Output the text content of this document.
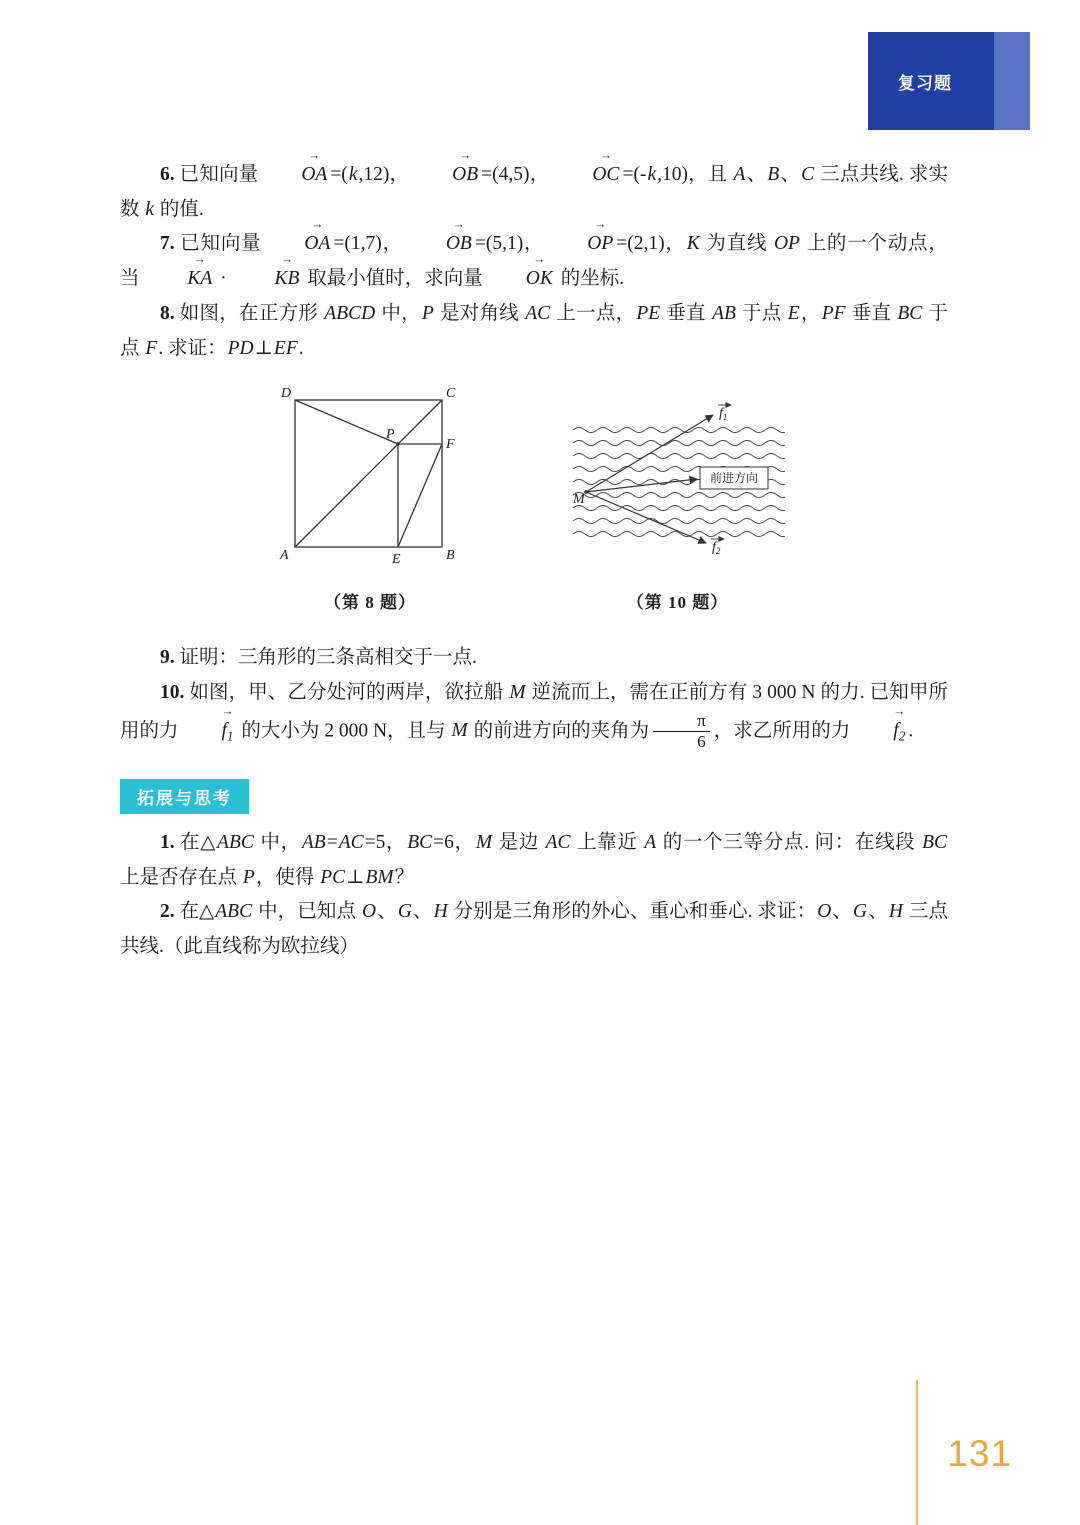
复习题

6. 已知向量 → OA =(k,12)， → OB =(4,5)， → OC =(-k,10)，且 A、B、C 三点共线. 求实数 k 的值.

7. 已知向量 → OA =(1,7)， → OB =(5,1)， → OP =(2,1)，K 为直线 OP 上的一个动点，当 → KA · → KB 取最小值时，求向量 → OK 的坐标.

8. 如图，在正方形 ABCD 中，P 是对角线 AC 上一点，PE 垂直 AB 于点 E，PF 垂直 BC 于点 F. 求证：PD⊥EF.

D	C
A	B
P
F
E
（第 8 题）
前进方向
M
$f_1$
$f_2$
（第 10 题）

9. 证明：三角形的三条高相交于一点.

10. 如图，甲、乙分处河的两岸，欲拉船 M 逆流而上，需在正前方有 3 000 N 的力. 已知甲所用的力 → $f_1$ 的大小为 2 000 N，且与 M 的前进方向的夹角为 $\frac{\pi}{6}$ ，求乙所用的力 → $f_2$ .

拓展与思考

1. 在△ABC 中，AB=AC=5，BC=6，M 是边 AC 上靠近 A 的一个三等分点. 问：在线段 BC 上是否存在点 P，使得 PC⊥BM？

2. 在△ABC 中，已知点 O、G、H 分别是三角形的外心、重心和垂心. 求证：O、G、H 三点共线.（此直线称为欧拉线）

131
